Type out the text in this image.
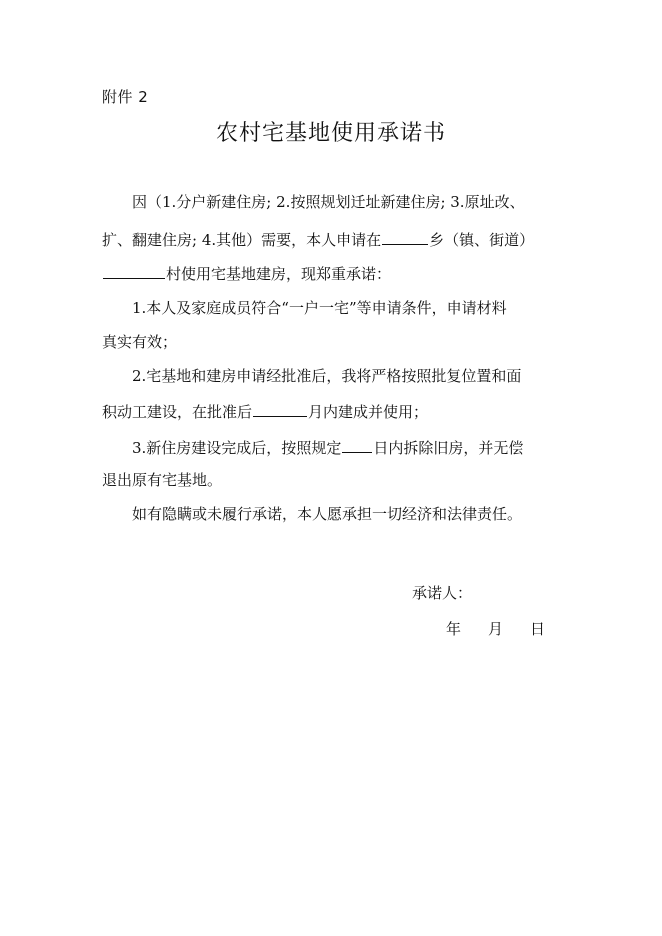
附件 2
农村宅基地使用承诺书
因（1.分户新建住房; 2.按照规划迁址新建住房; 3.原址改、
扩、翻建住房; 4.其他）需要，本人申请在	乡（镇、街道）
村使用宅基地建房，现郑重承诺：
1.本人及家庭成员符合“一户一宅”等申请条件，申请材料
真实有效；
2.宅基地和建房申请经批准后，我将严格按照批复位置和面
积动工建设，在批准后	月内建成并使用；
3.新住房建设完成后，按照规定 日内拆除旧房，并无偿
退出原有宅基地。
如有隐瞒或未履行承诺，本人愿承担一切经济和法律责任。
承诺人：
年 月 日
